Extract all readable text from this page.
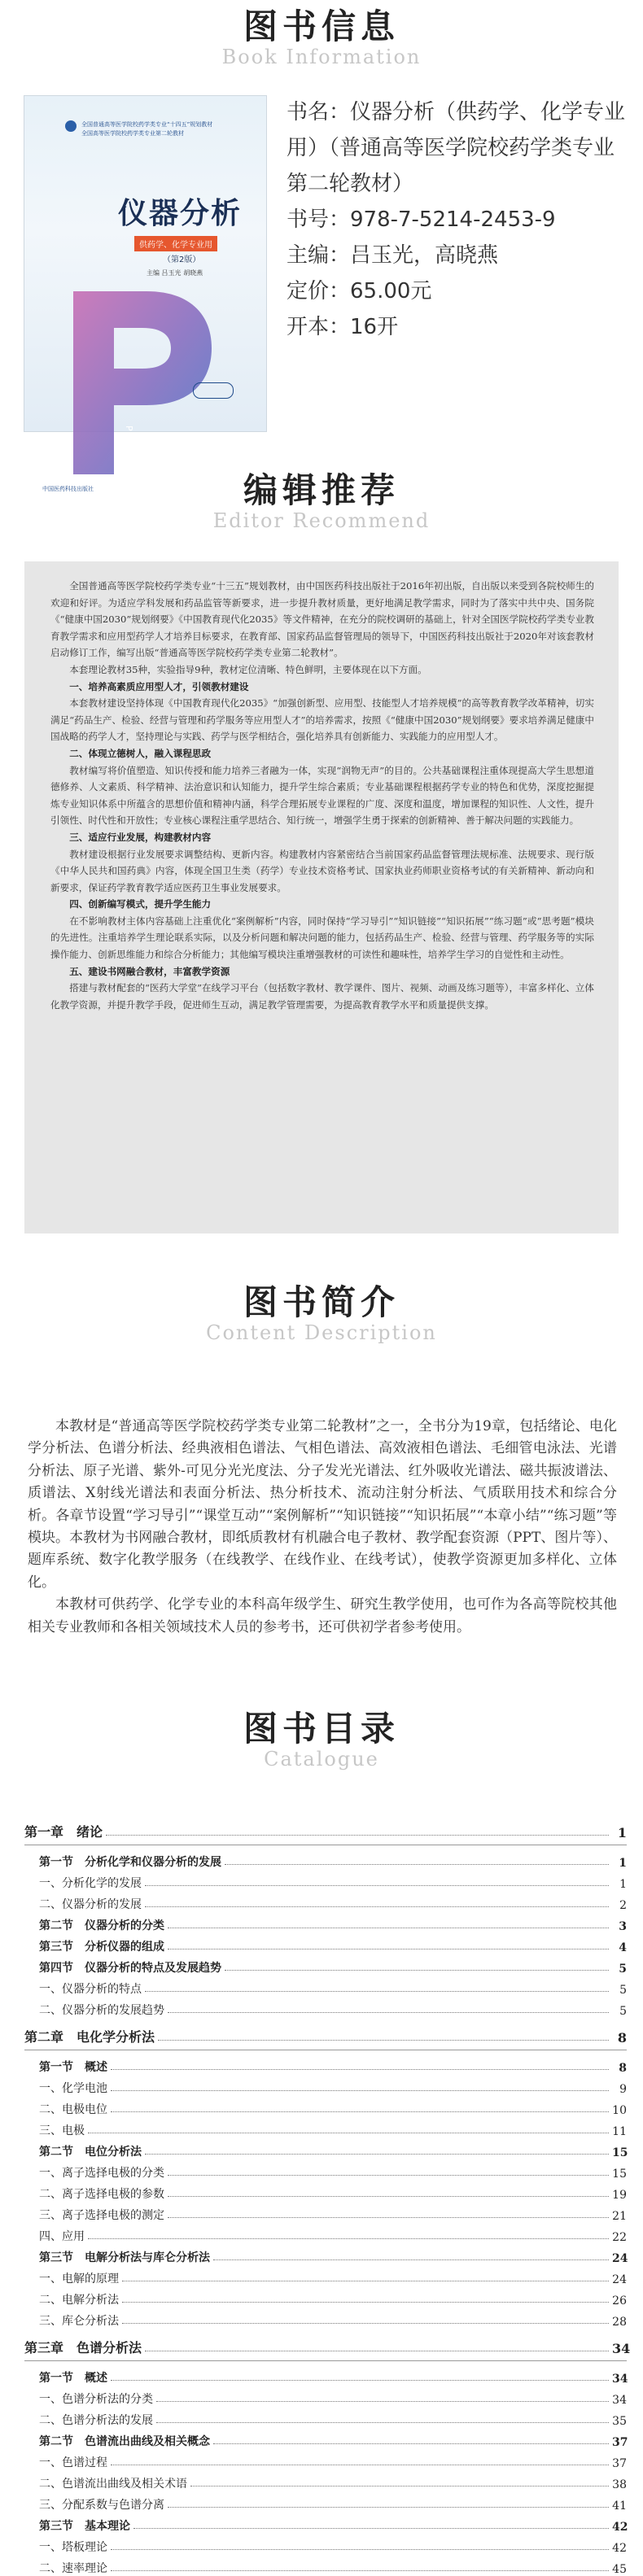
图书信息
Book Information
全国普通高等医学院校药学类专业“十四五”规划教材
全国高等医学院校药学类专业第二轮教材
仪器分析
供药学、化学专业用
（第2版）
主编 吕玉光 胡晓燕
PHARMACY
中国医药科技出版社
书名：仪器分析（供药学、化学专业用）（普通高等医学院校药学类专业第二轮教材）
书号：978-7-5214-2453-9
主编：吕玉光，高晓燕
定价：65.00元
开本：16开
编辑推荐
Editor Recommend

全国普通高等医学院校药学类专业“十三五”规划教材，由中国医药科技出版社于2016年初出版，自出版以来受到各院校师生的欢迎和好评。为适应学科发展和药品监管等新要求，进一步提升教材质量，更好地满足教学需求，同时为了落实中共中央、国务院《“健康中国2030”规划纲要》《中国教育现代化2035》等文件精神，在充分的院校调研的基础上，针对全国医学院校药学类专业教育教学需求和应用型药学人才培养目标要求，在教育部、国家药品监督管理局的领导下，中国医药科技出版社于2020年对该套教材启动修订工作，编写出版“普通高等医学院校药学类专业第二轮教材”。

本套理论教材35种，实验指导9种，教材定位清晰、特色鲜明，主要体现在以下方面。

一、培养高素质应用型人才，引领教材建设

本套教材建设坚持体现《中国教育现代化2035》“加强创新型、应用型、技能型人才培养规模”的高等教育教学改革精神，切实满足“药品生产、检验、经营与管理和药学服务等应用型人才”的培养需求，按照《“健康中国2030”规划纲要》要求培养满足健康中国战略的药学人才，坚持理论与实践、药学与医学相结合，强化培养具有创新能力、实践能力的应用型人才。

二、体现立德树人，融入课程思政

教材编写将价值塑造、知识传授和能力培养三者融为一体，实现“润物无声”的目的。公共基础课程注重体现提高大学生思想道德修养、人文素质、科学精神、法治意识和认知能力，提升学生综合素质；专业基础课程根据药学专业的特色和优势，深度挖掘提炼专业知识体系中所蕴含的思想价值和精神内涵，科学合理拓展专业课程的广度、深度和温度，增加课程的知识性、人文性，提升引领性、时代性和开放性；专业核心课程注重学思结合、知行统一，增强学生勇于探索的创新精神、善于解决问题的实践能力。

三、适应行业发展，构建教材内容

教材建设根据行业发展要求调整结构、更新内容。构建教材内容紧密结合当前国家药品监督管理法规标准、法规要求、现行版《中华人民共和国药典》内容，体现全国卫生类（药学）专业技术资格考试、国家执业药师职业资格考试的有关新精神、新动向和新要求，保证药学教育教学适应医药卫生事业发展要求。

四、创新编写模式，提升学生能力

在不影响教材主体内容基础上注重优化“案例解析”内容，同时保持“学习导引”“知识链接”“知识拓展”“练习题”或“思考题”模块的先进性。注重培养学生理论联系实际，以及分析问题和解决问题的能力，包括药品生产、检验、经营与管理、药学服务等的实际操作能力、创新思维能力和综合分析能力；其他编写模块注重增强教材的可读性和趣味性，培养学生学习的自觉性和主动性。

五、建设书网融合教材，丰富教学资源

搭建与教材配套的“医药大学堂”在线学习平台（包括数字教材、教学课件、图片、视频、动画及练习题等），丰富多样化、立体化教学资源，并提升教学手段，促进师生互动，满足教学管理需要，为提高教育教学水平和质量提供支撑。

图书简介
Content Description

本教材是“普通高等医学院校药学类专业第二轮教材”之一，全书分为19章，包括绪论、电化学分析法、色谱分析法、经典液相色谱法、气相色谱法、高效液相色谱法、毛细管电泳法、光谱分析法、原子光谱、紫外-可见分光光度法、分子发光光谱法、红外吸收光谱法、磁共振波谱法、质谱法、X射线光谱法和表面分析法、热分析技术、流动注射分析法、气质联用技术和综合分析。各章节设置“学习导引”“课堂互动”“案例解析”“知识链接”“知识拓展”“本章小结”“练习题”等模块。本教材为书网融合教材，即纸质教材有机融合电子教材、教学配套资源（PPT、图片等）、题库系统、数字化教学服务（在线教学、在线作业、在线考试），使教学资源更加多样化、立体化。

本教材可供药学、化学专业的本科高年级学生、研究生教学使用，也可作为各高等院校其他相关专业教师和各相关领域技术人员的参考书，还可供初学者参考使用。

图书目录
Catalogue
第一章　绪论	1
第一节　分析化学和仪器分析的发展	1
一、分析化学的发展	1
二、仪器分析的发展	2
第二节　仪器分析的分类	3
第三节　分析仪器的组成	4
第四节　仪器分析的特点及发展趋势	5
一、仪器分析的特点	5
二、仪器分析的发展趋势	5
第二章　电化学分析法	8
第一节　概述	8
一、化学电池	9
二、电极电位	10
三、电极	11
第二节　电位分析法	15
一、离子选择电极的分类	15
二、离子选择电极的参数	19
三、离子选择电极的测定	21
四、应用	22
第三节　电解分析法与库仑分析法	24
一、电解的原理	24
二、电解分析法	26
三、库仑分析法	28
第三章　色谱分析法	34
第一节　概述	34
一、色谱分析法的分类	34
二、色谱分析法的发展	35
第二节　色谱流出曲线及相关概念	37
一、色谱过程	37
二、色谱流出曲线及相关术语	38
三、分配系数与色谱分离	41
第三节　基本理论	42
一、塔板理论	42
二、速率理论	45
